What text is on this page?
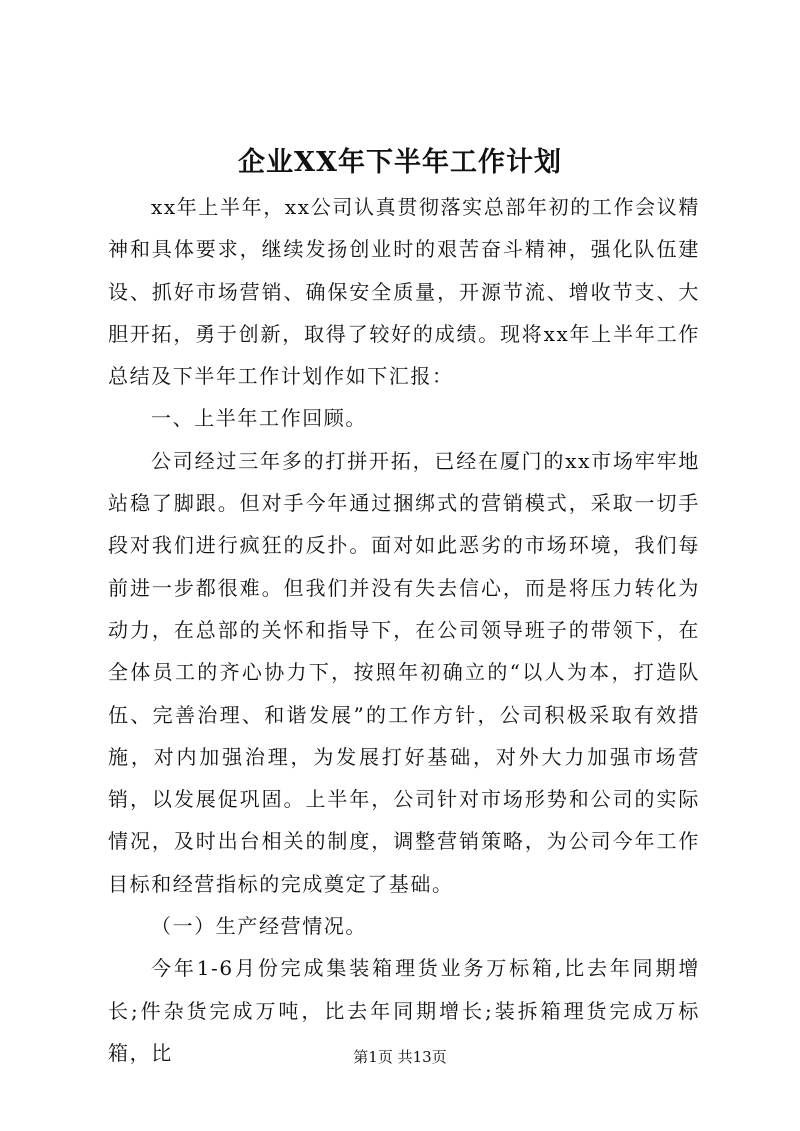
企业XX年下半年工作计划

xx年上半年，xx公司认真贯彻落实总部年初的工作会议精神和具体要求，继续发扬创业时的艰苦奋斗精神，强化队伍建设、抓好市场营销、确保安全质量，开源节流、增收节支、大胆开拓，勇于创新，取得了较好的成绩。现将xx年上半年工作总结及下半年工作计划作如下汇报：

一、上半年工作回顾。

公司经过三年多的打拼开拓，已经在厦门的xx市场牢牢地站稳了脚跟。但对手今年通过捆绑式的营销模式，采取一切手段对我们进行疯狂的反扑。面对如此恶劣的市场环境，我们每前进一步都很难。但我们并没有失去信心，而是将压力转化为动力，在总部的关怀和指导下，在公司领导班子的带领下，在全体员工的齐心协力下，按照年初确立的“以人为本，打造队伍、完善治理、和谐发展”的工作方针，公司积极采取有效措施，对内加强治理，为发展打好基础，对外大力加强市场营销，以发展促巩固。上半年，公司针对市场形势和公司的实际情况，及时出台相关的制度，调整营销策略，为公司今年工作目标和经营指标的完成奠定了基础。

（一）生产经营情况。

今年1-6月份完成集装箱理货业务万标箱,比去年同期增长;件杂货完成万吨，比去年同期增长;装拆箱理货完成万标箱，比	第1页 共13页
